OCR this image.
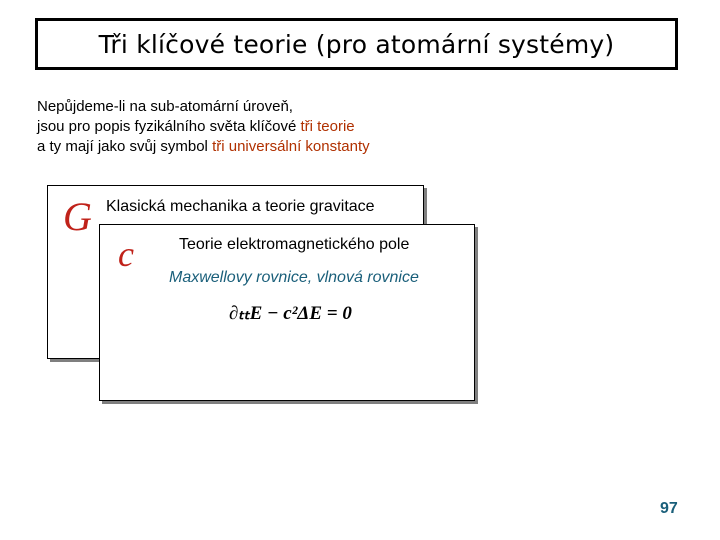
Tři klíčové teorie (pro atomární systémy)
Nepůjdeme-li na sub-atomární úroveň,
jsou pro popis fyzikálního světa klíčové tři teorie
a ty mají jako svůj symbol tři universální konstanty
G Klasická mechanika a teorie gravitace
c	Teorie elektromagnetického pole
Maxwellovy rovnice, vlnová rovnice
∂ₜₜE − c²ΔE = 0
97
